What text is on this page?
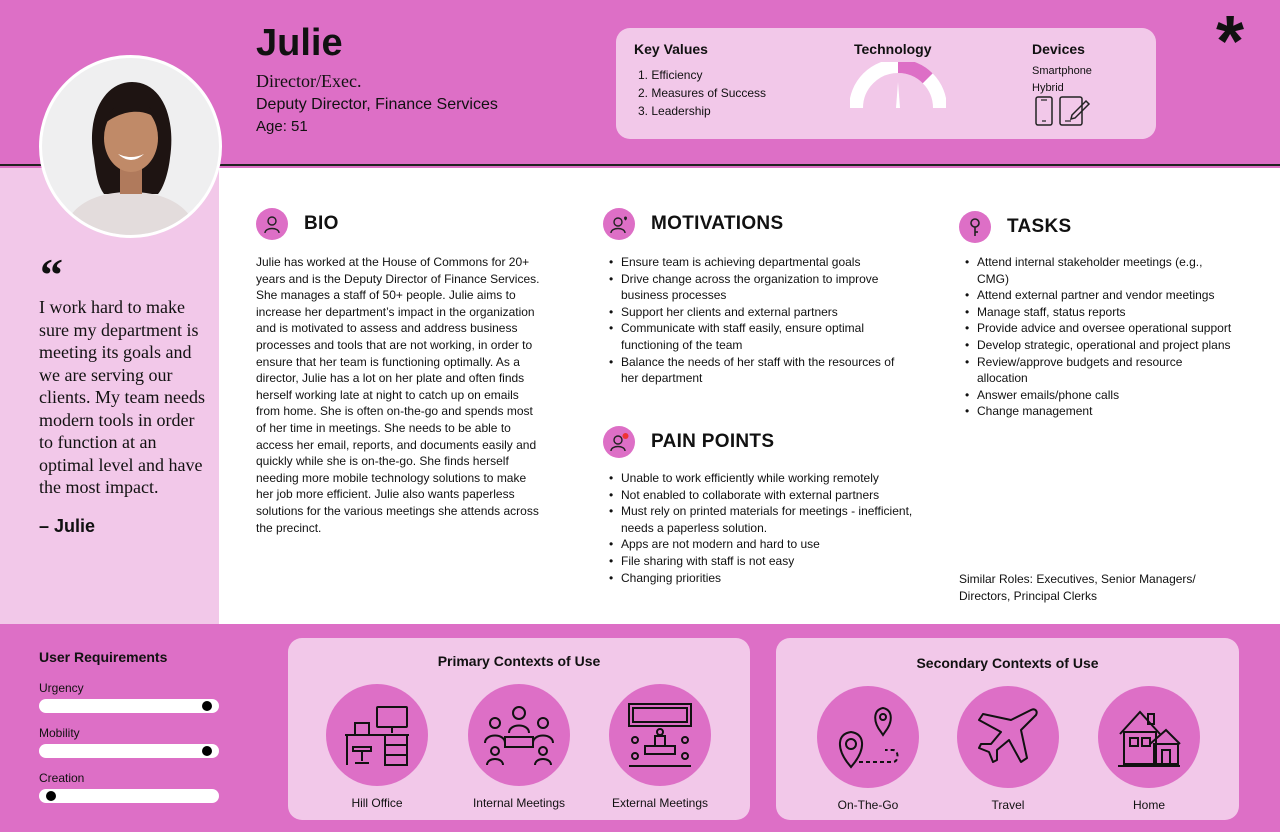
Julie
Director/Exec.
Deputy Director, Finance Services
Age: 51
Key Values
1. Efficiency
2. Measures of Success
3. Leadership
Technology	Devices
Smartphone
Hybrid
*
“
I work hard to make sure my department is meeting its goals and we are serving our clients. My team needs modern tools in order to function at an optimal level and have the most impact.
– Julie
BIO
Julie has worked at the House of Commons for 20+ years and is the Deputy Director of Finance Services. She manages a staff of 50+ people. Julie aims to increase her department’s impact in the organization and is motivated to assess and address business processes and tools that are not working, in order to ensure that her team is functioning optimally. As a director, Julie has a lot on her plate and often finds herself working late at night to catch up on emails from home. She is often on-the-go and spends most of her time in meetings. She needs to be able to access her email, reports, and documents easily and quickly while she is on-the-go. She finds herself needing more mobile technology solutions to make her job more efficient. Julie also wants paperless solutions for the various meetings she attends across the precinct.
MOTIVATIONS
• Ensure team is achieving departmental goals
• Drive change across the organization to improve business processes
• Support her clients and external partners
• Communicate with staff easily, ensure optimal functioning of the team
• Balance the needs of her staff with the resources of her department
PAIN POINTS
• Unable to work efficiently while working remotely
• Not enabled to collaborate with external partners
• Must rely on printed materials for meetings - inefficient, needs a paperless solution.
• Apps are not modern and hard to use
• File sharing with staff is not easy
• Changing priorities
TASKS
• Attend internal stakeholder meetings (e.g., CMG)
• Attend external partner and vendor meetings
• Manage staff, status reports
• Provide advice and oversee operational support
• Develop strategic, operational and project plans
• Review/approve budgets and resource allocation
• Answer emails/phone calls
• Change management
Similar Roles: Executives, Senior Managers/ Directors, Principal Clerks
User Requirements
Urgency
Mobility
Creation
Primary Contexts of Use
Hill Office	Internal Meetings	External Meetings
Secondary Contexts of Use
On-The-Go	Travel	Home
